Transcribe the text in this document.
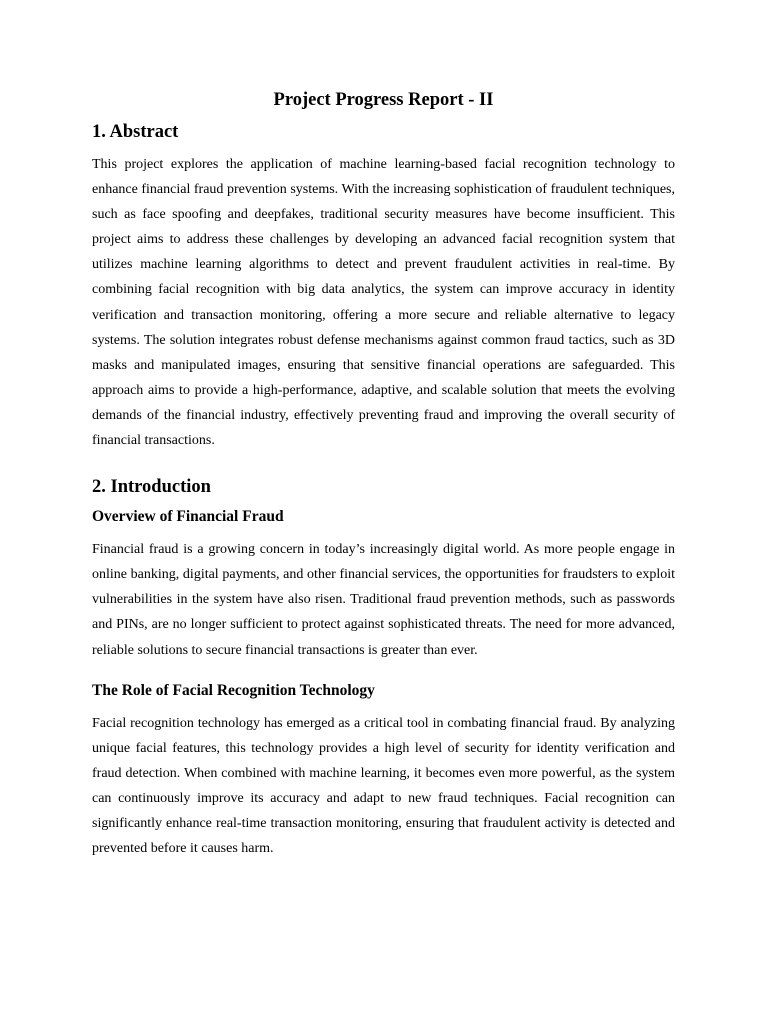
Project Progress Report - II
1. Abstract

This project explores the application of machine learning-based facial recognition technology to enhance financial fraud prevention systems. With the increasing sophistication of fraudulent techniques, such as face spoofing and deepfakes, traditional security measures have become insufficient. This project aims to address these challenges by developing an advanced facial recognition system that utilizes machine learning algorithms to detect and prevent fraudulent activities in real-time. By combining facial recognition with big data analytics, the system can improve accuracy in identity verification and transaction monitoring, offering a more secure and reliable alternative to legacy systems. The solution integrates robust defense mechanisms against common fraud tactics, such as 3D masks and manipulated images, ensuring that sensitive financial operations are safeguarded. This approach aims to provide a high-performance, adaptive, and scalable solution that meets the evolving demands of the financial industry, effectively preventing fraud and improving the overall security of financial transactions.

2. Introduction
Overview of Financial Fraud

Financial fraud is a growing concern in today’s increasingly digital world. As more people engage in online banking, digital payments, and other financial services, the opportunities for fraudsters to exploit vulnerabilities in the system have also risen. Traditional fraud prevention methods, such as passwords and PINs, are no longer sufficient to protect against sophisticated threats. The need for more advanced, reliable solutions to secure financial transactions is greater than ever.

The Role of Facial Recognition Technology

Facial recognition technology has emerged as a critical tool in combating financial fraud. By analyzing unique facial features, this technology provides a high level of security for identity verification and fraud detection. When combined with machine learning, it becomes even more powerful, as the system can continuously improve its accuracy and adapt to new fraud techniques. Facial recognition can significantly enhance real-time transaction monitoring, ensuring that fraudulent activity is detected and prevented before it causes harm.
